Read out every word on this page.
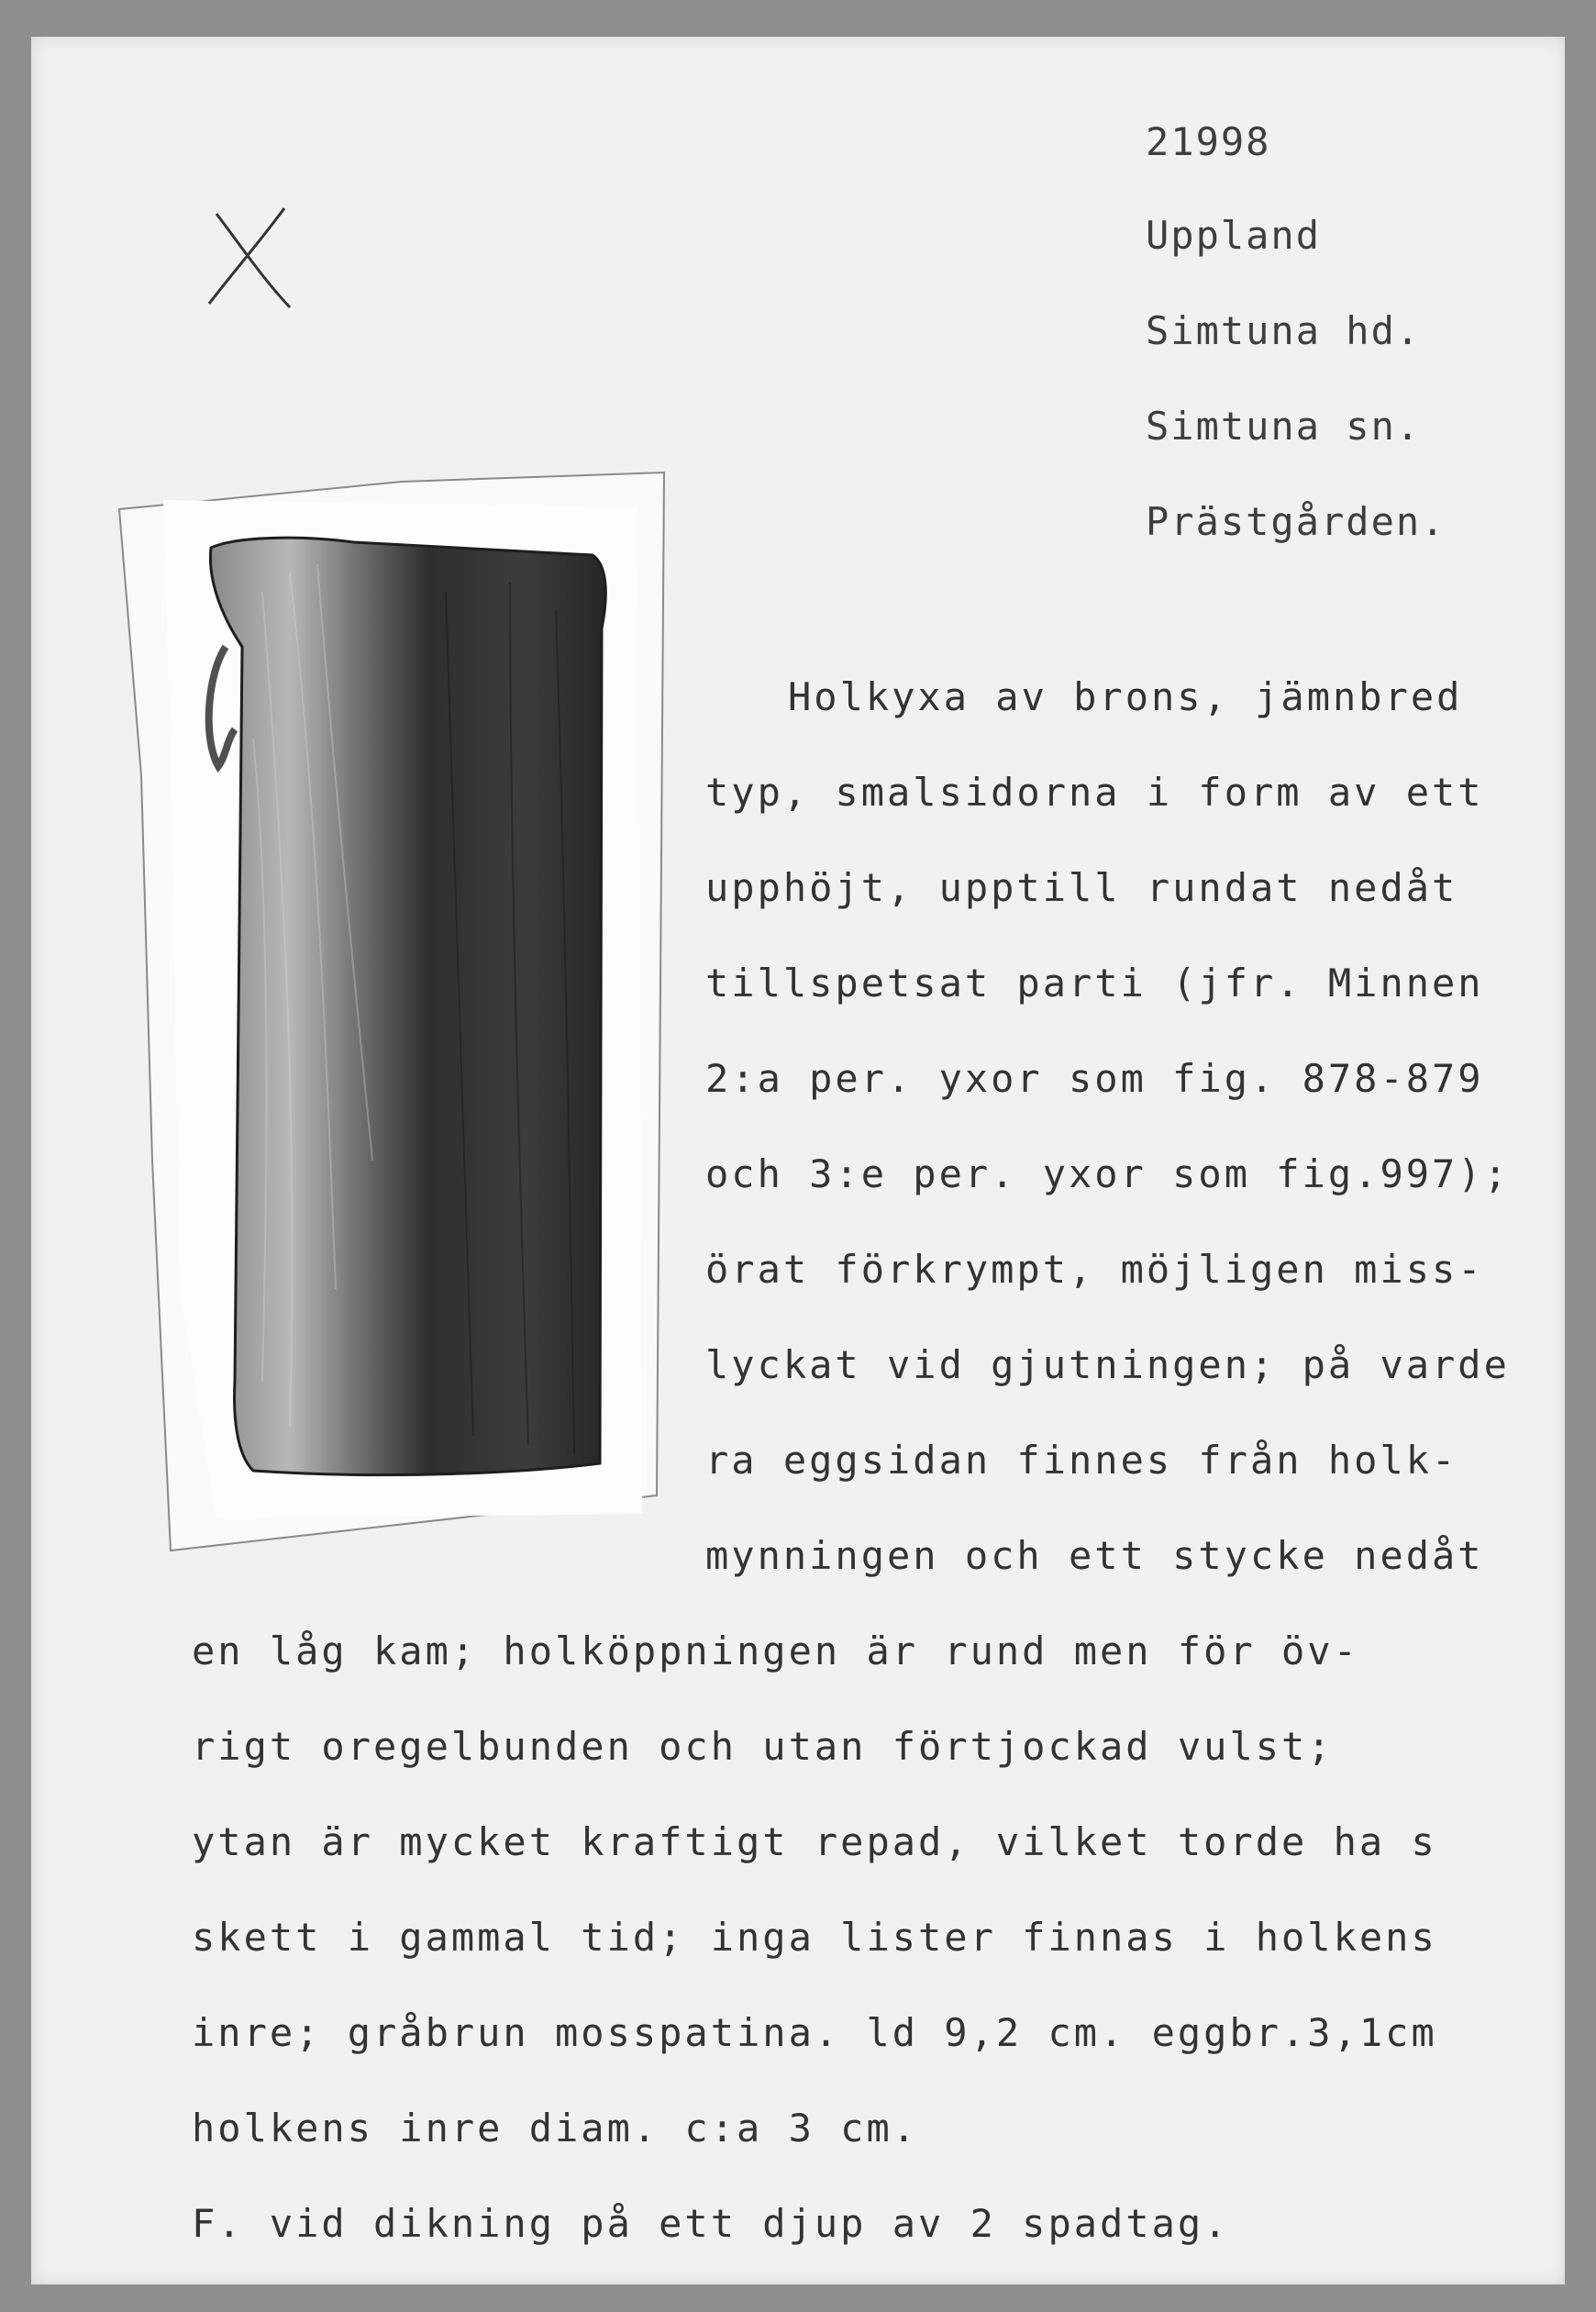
21998
Uppland
Simtuna hd.
Simtuna sn.
Prästgården.
Holkyxa av brons, jämnbred
typ, smalsidorna i form av ett
upphöjt, upptill rundat nedåt
tillspetsat parti (jfr. Minnen
2:a per. yxor som fig. 878-879
och 3:e per. yxor som fig.997);
örat förkrympt, möjligen miss-
lyckat vid gjutningen; på varde
ra eggsidan finnes från holk-
mynningen och ett stycke nedåt
en låg kam; holköppningen är rund men för öv-
rigt oregelbunden och utan förtjockad vulst;
ytan är mycket kraftigt repad, vilket torde ha s
skett i gammal tid; inga lister finnas i holkens
inre; gråbrun mosspatina. ld 9,2 cm. eggbr.3,1cm
holkens inre diam. c:a 3 cm.
F. vid dikning på ett djup av 2 spadtag.
